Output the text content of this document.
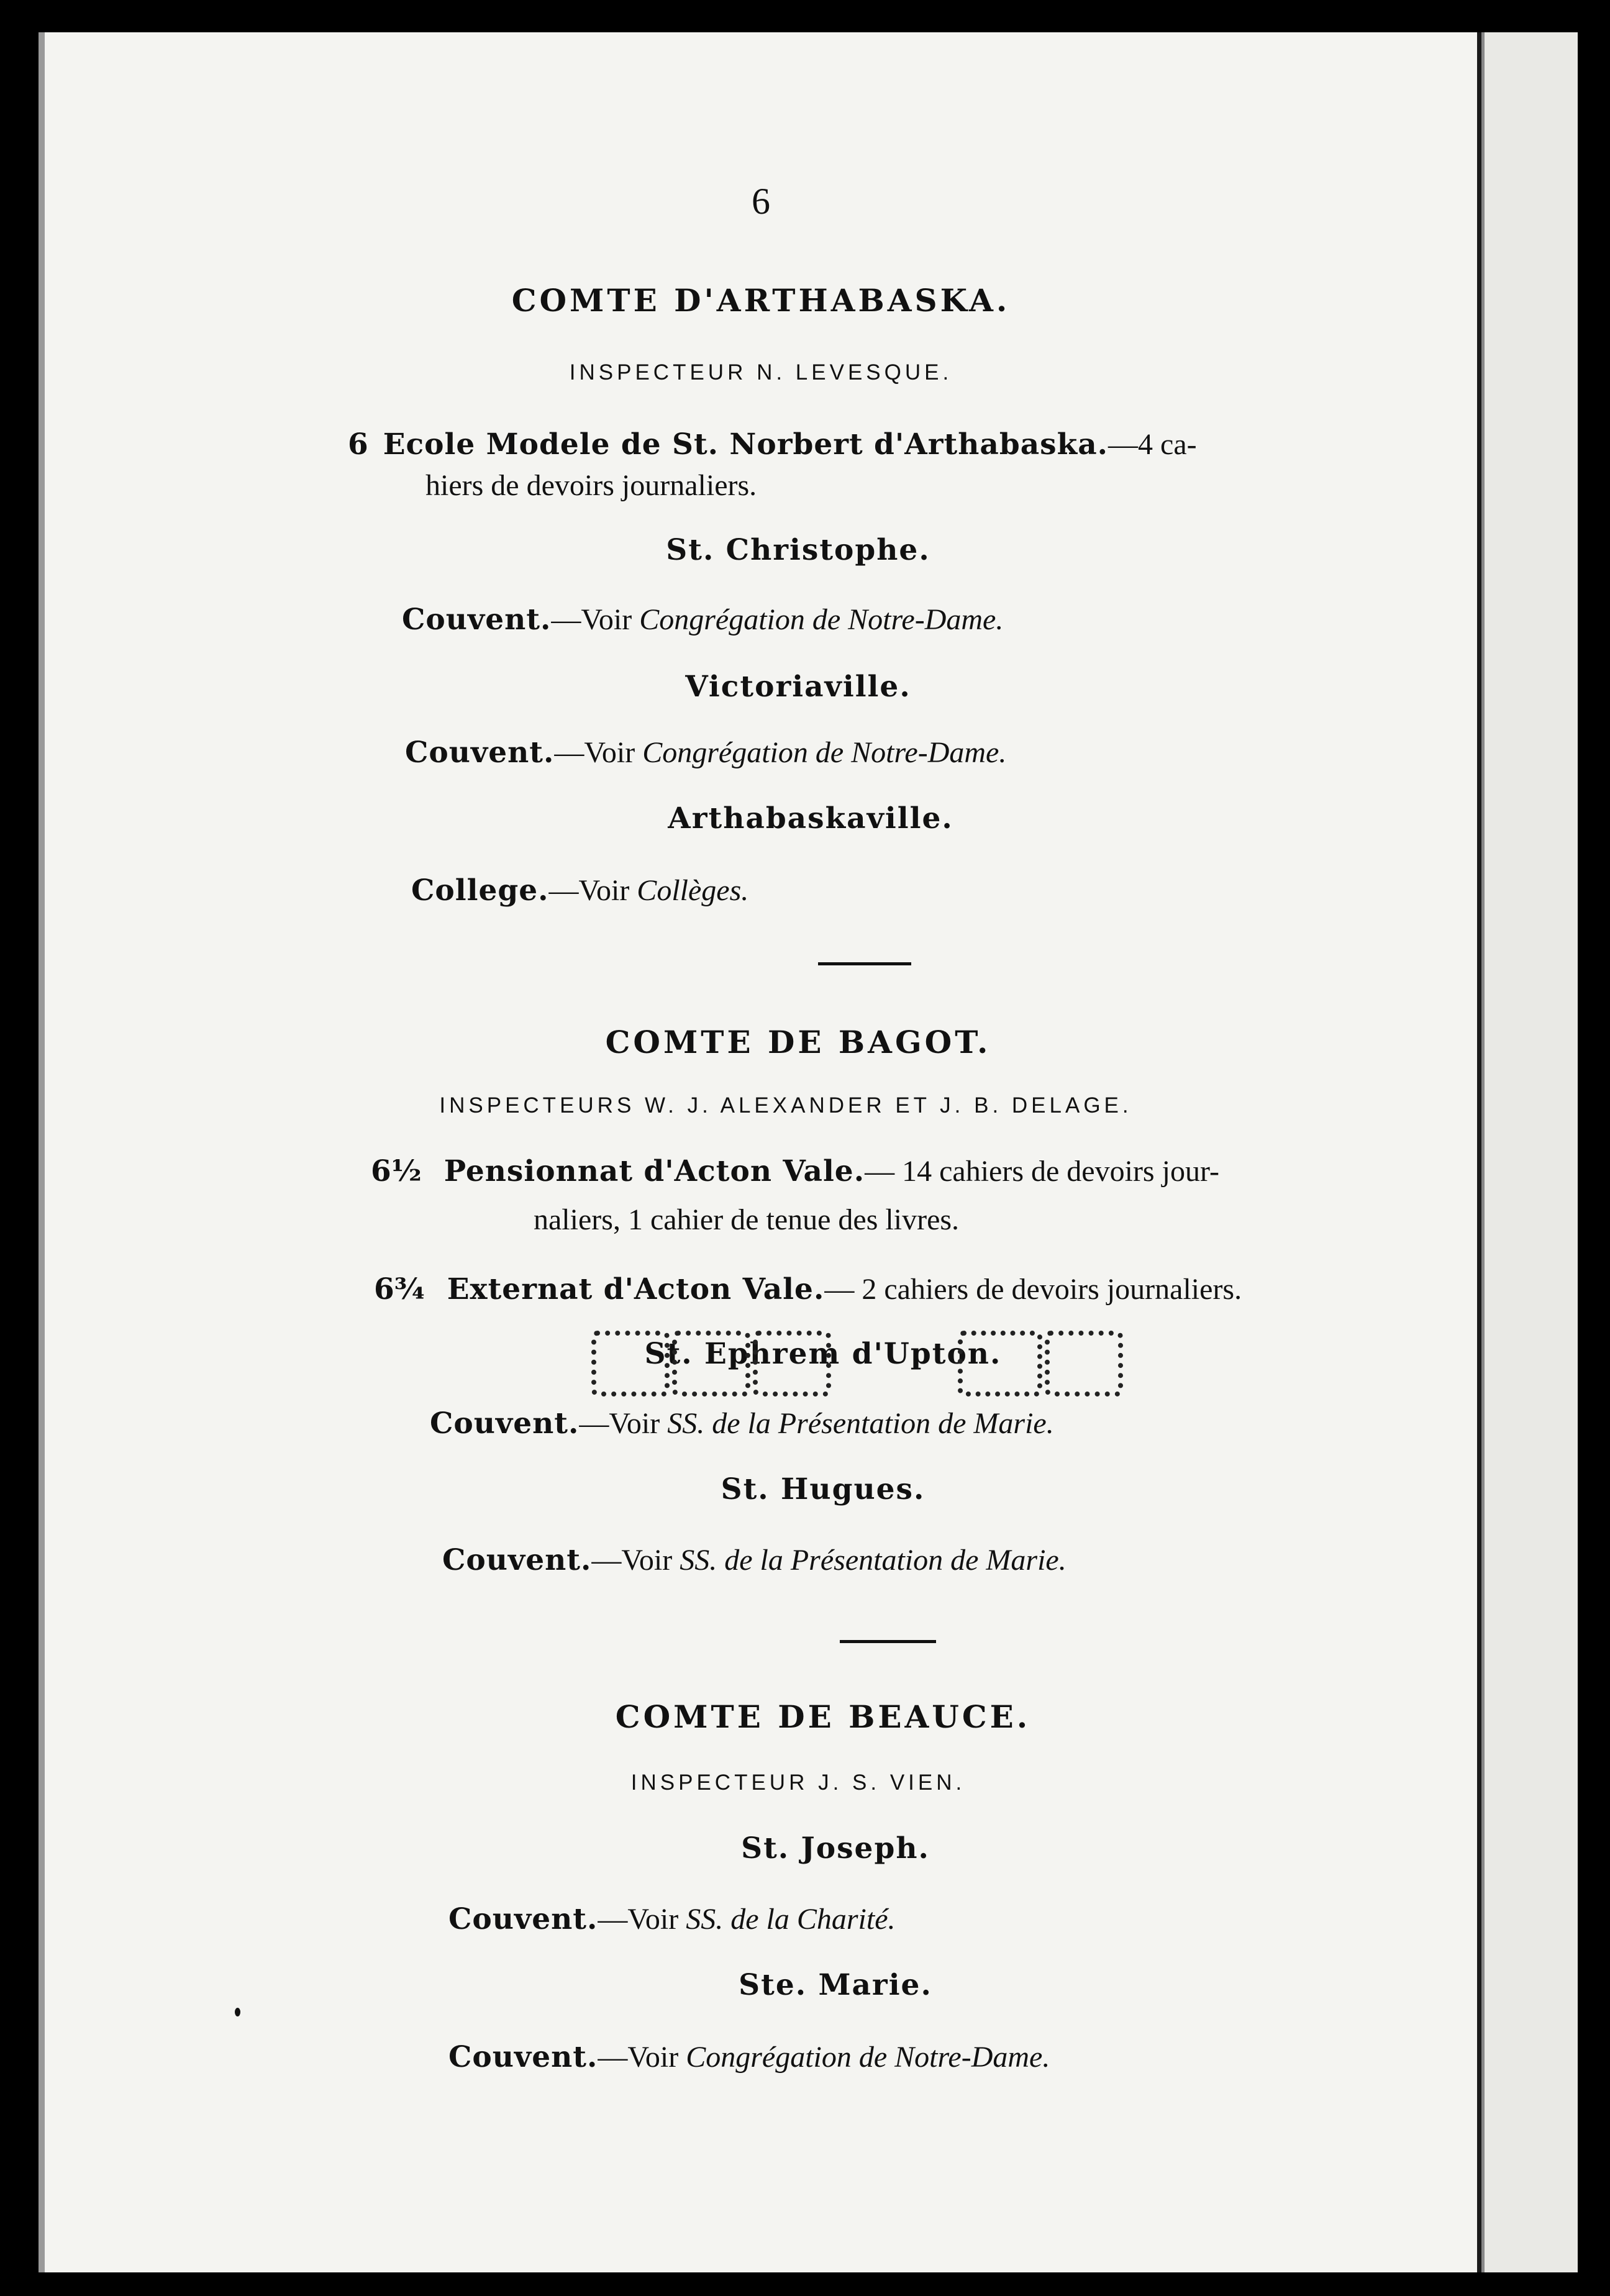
6
COMTE D'ARTHABASKA.
INSPECTEUR N. LEVESQUE.
6 Ecole Modele de St. Norbert d'Arthabaska.—4 ca-
hiers de devoirs journaliers.
St. Christophe.
Couvent.—Voir Congrégation de Notre-Dame.
Victoriaville.
Couvent.—Voir Congrégation de Notre-Dame.
Arthabaskaville.
College.—Voir Collèges.
COMTE DE BAGOT.
INSPECTEURS W. J. ALEXANDER ET J. B. DELAGE.
6½ Pensionnat d'Acton Vale.— 14 cahiers de devoirs jour-
naliers, 1 cahier de tenue des livres.
6¾ Externat d'Acton Vale.— 2 cahiers de devoirs journaliers.
St. Ephrem d'Upton.
Couvent.—Voir SS. de la Présentation de Marie.
St. Hugues.
Couvent.—Voir SS. de la Présentation de Marie.
COMTE DE BEAUCE.
INSPECTEUR J. S. VIEN.
St. Joseph.
Couvent.—Voir SS. de la Charité.
Ste. Marie.
Couvent.—Voir Congrégation de Notre-Dame.
